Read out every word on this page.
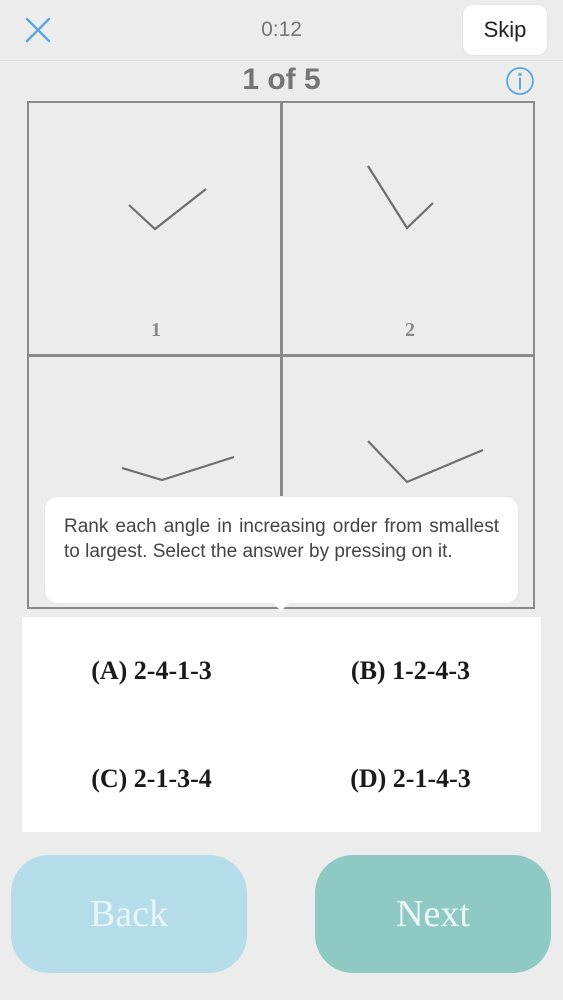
0:12	Skip
1 of 5
1	2
Rank each angle in increasing order from smallest to largest. Select the answer by pressing on it.
(A) 2-4-1-3	(B) 1-2-4-3
(C) 2-1-3-4	(D) 2-1-4-3
Back	Next
